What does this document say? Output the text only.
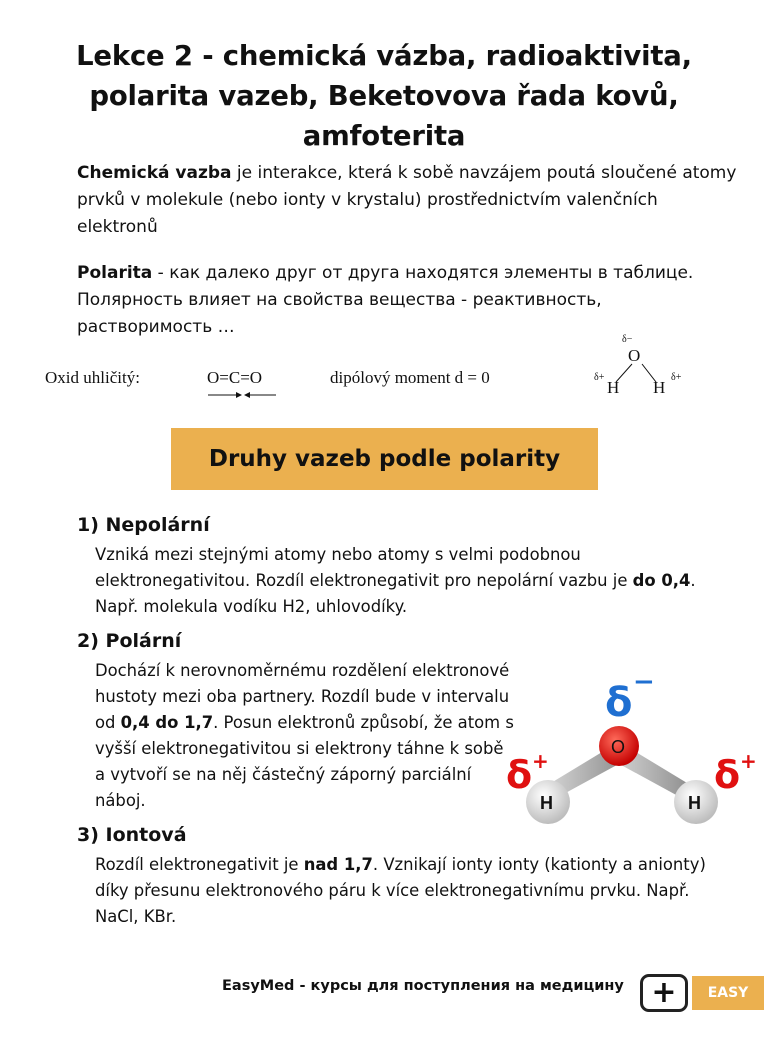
Lekce 2 - chemická vázba, radioaktivita, polarita vazeb, Beketovova řada kovů, amfoterita
Chemická vazba je interakce, která k sobě navzájem poutá sloučené atomy prvků v molekule (nebo ionty v krystalu) prostřednictvím valenčních elektronů
Polarita - как далеко друг от друга находятся элементы в таблице. Полярность влияет на свойства вещества - реактивность, растворимость …
Oxid uhličitý:	O=C=O	dipólový moment d = 0
δ−
O
δ+
H H
δ+
Druhy vazeb podle polarity
1) Nepolární
Vzniká mezi stejnými atomy nebo atomy s velmi podobnou elektronegativitou. Rozdíl elektronegativit pro nepolární vazbu je do 0,4. Např. molekula vodíku H2, uhlovodíky.
2) Polární
Dochází k nerovnoměrnému rozdělení elektronové hustoty mezi oba partnery. Rozdíl bude v intervalu od 0,4 do 1,7. Posun elektronů způsobí, že atom s vyšší elektronegativitou si elektrony táhne k sobě a vytvoří se na něj částečný záporný parciální náboj.
O
H	H
δ −
δ +	δ +
3) Iontová
Rozdíl elektronegativit je nad 1,7. Vznikají ionty ionty (kationty a anionty) díky přesunu elektronového páru k více elektronegativnímu prvku. Např. NaCl, KBr.
EasyMed - курсы для поступления на медицину +	EASY MED
